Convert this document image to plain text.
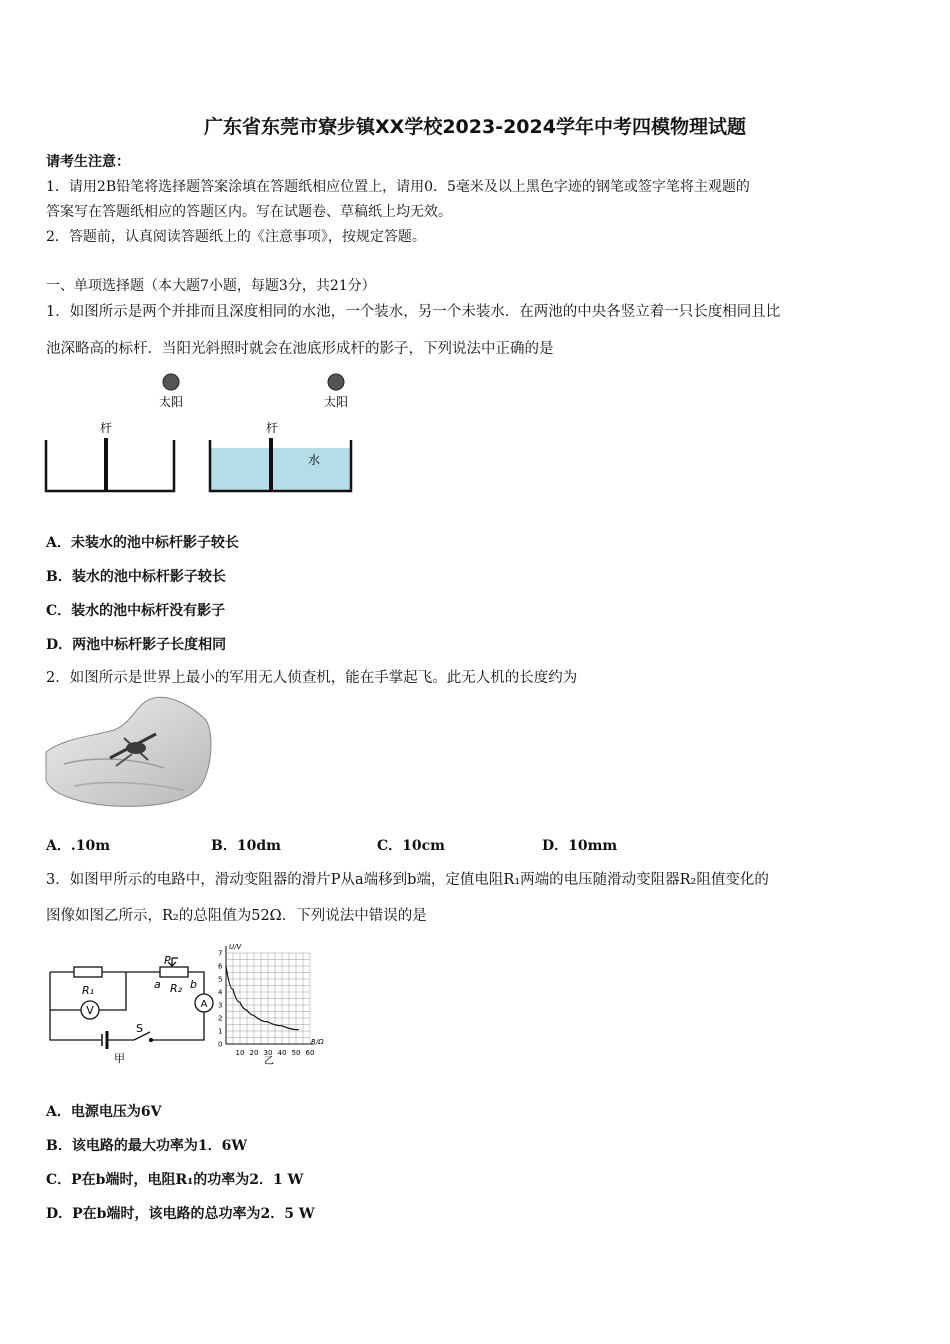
广东省东莞市寮步镇XX学校2023-2024学年中考四模物理试题
请考生注意：
1．请用2B铅笔将选择题答案涂填在答题纸相应位置上，请用0．5毫米及以上黑色字迹的钢笔或签字笔将主观题的
答案写在答题纸相应的答题区内。写在试题卷、草稿纸上均无效。
2．答题前，认真阅读答题纸上的《注意事项》，按规定答题。
一、单项选择题（本大题7小题，每题3分，共21分）
1．如图所示是两个并排而且深度相同的水池，一个装水，另一个未装水．在两池的中央各竖立着一只长度相同且比
池深略高的标杆．当阳光斜照时就会在池底形成杆的影子，下列说法中正确的是
太阳
杆
太阳
杆
水
A．未装水的池中标杆影子较长
B．装水的池中标杆影子较长
C．装水的池中标杆没有影子
D．两池中标杆影子长度相同
2．如图所示是世界上最小的军用无人侦查机，能在手掌起飞。此无人机的长度约为
A．.10m	B．10dm	C．10cm	D．10mm
3．如图甲所示的电路中，滑动变阻器的滑片P从a端移到b端，定值电阻R₁两端的电压随滑动变阻器R₂阻值变化的
图像如图乙所示，R₂的总阻值为52Ω．下列说法中错误的是
R₁	R₂
P
a	b
V	A
S
甲
U/V
R/Ω
0
1
2
3
4
5
6
7
10 20 30 40 50 60
乙
A．电源电压为6V
B．该电路的最大功率为1．6W
C．P在b端时，电阻R₁的功率为2．1 W
D．P在b端时，该电路的总功率为2．5 W
